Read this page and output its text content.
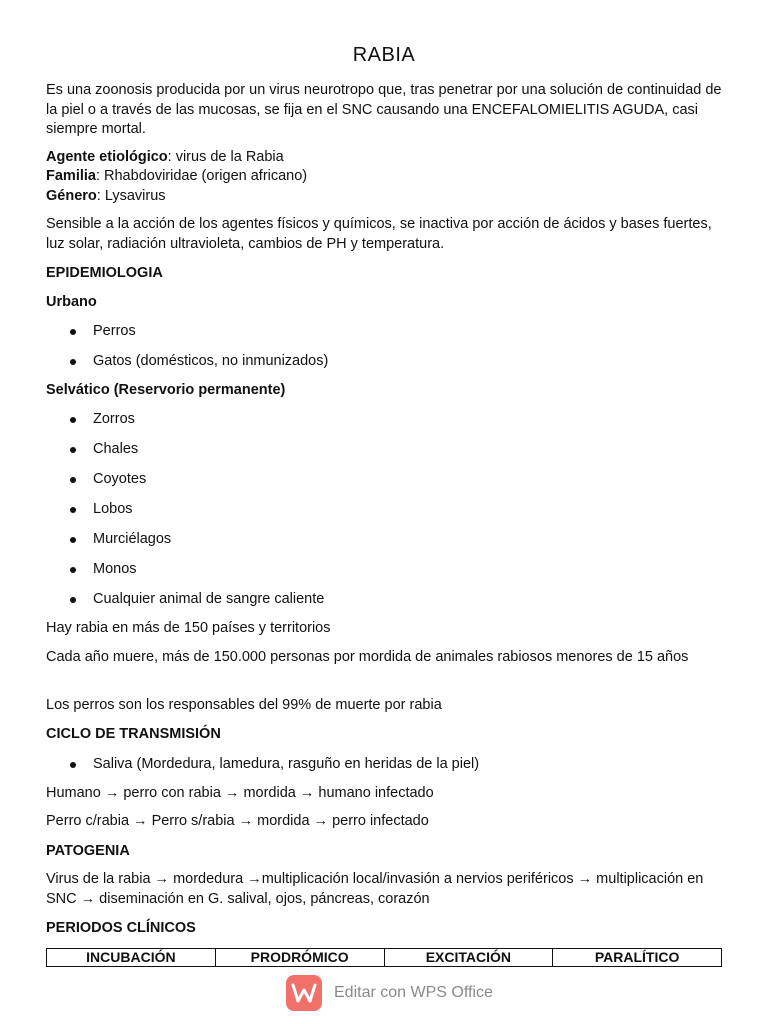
RABIA

Es una zoonosis producida por un virus neurotropo que, tras penetrar por una solución de continuidad de la piel o a través de las mucosas, se fija en el SNC causando una ENCEFALOMIELITIS AGUDA, casi siempre mortal.

Agente etiológico: virus de la Rabia

Familia: Rhabdoviridae (origen africano)

Género: Lysavirus

Sensible a la acción de los agentes físicos y químicos, se inactiva por acción de ácidos y bases fuertes, luz solar, radiación ultravioleta, cambios de PH y temperatura.

EPIDEMIOLOGIA

Urbano

Perros
Gatos (domésticos, no inmunizados)

Selvático (Reservorio permanente)

Zorros
Chales
Coyotes
Lobos
Murciélagos
Monos
Cualquier animal de sangre caliente

Hay rabia en más de 150 países y territorios

Cada año muere, más de 150.000 personas por mordida de animales rabiosos menores de 15 años

Los perros son los responsables del 99% de muerte por rabia

CICLO DE TRANSMISIÓN

Saliva (Mordedura, lamedura, rasguño en heridas de la piel)

Humano → perro con rabia → mordida → humano infectado

Perro c/rabia → Perro s/rabia → mordida → perro infectado

PATOGENIA

Virus de la rabia → mordedura →multiplicación local/invasión a nervios periféricos → multiplicación en SNC → diseminación en G. salival, ojos, páncreas, corazón

PERIODOS CLÍNICOS

INCUBACIÓN	PRODRÓMICO	EXCITACIÓN	PARALÍTICO
Editar con WPS Office
